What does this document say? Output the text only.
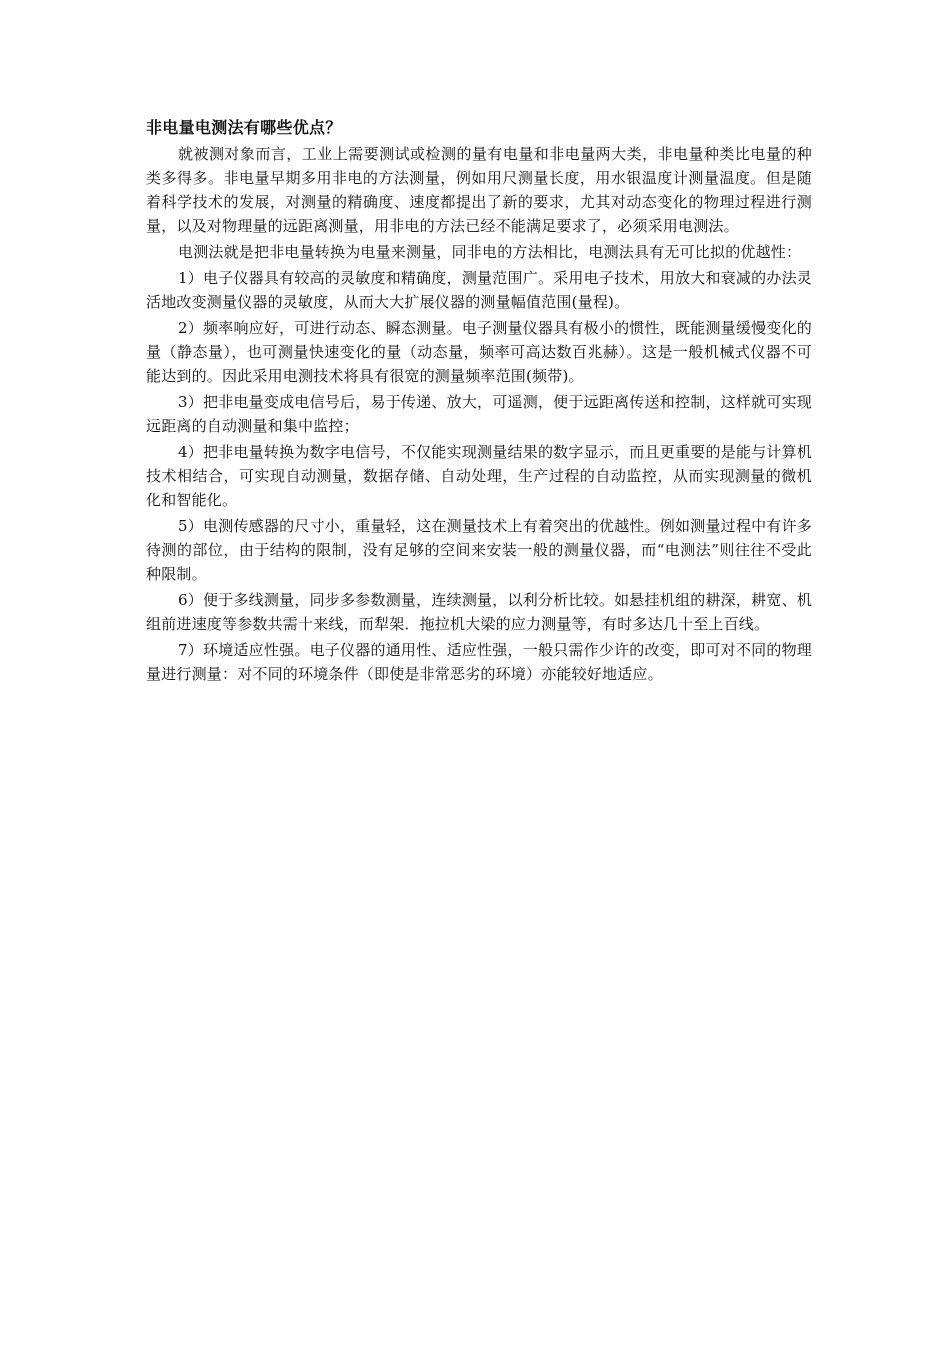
非电量电测法有哪些优点？

就被测对象而言，工业上需要测试或检测的量有电量和非电量两大类，非电量种类比电量的种类多得多。非电量早期多用非电的方法测量，例如用尺测量长度，用水银温度计测量温度。但是随着科学技术的发展，对测量的精确度、速度都提出了新的要求，尤其对动态变化的物理过程进行测量，以及对物理量的远距离测量，用非电的方法已经不能满足要求了，必须采用电测法。

电测法就是把非电量转换为电量来测量，同非电的方法相比，电测法具有无可比拟的优越性：

1）电子仪器具有较高的灵敏度和精确度，测量范围广。采用电子技术，用放大和衰减的办法灵活地改变测量仪器的灵敏度，从而大大扩展仪器的测量幅值范围(量程)。

2）频率响应好，可进行动态、瞬态测量。电子测量仪器具有极小的惯性，既能测量缓慢变化的量（静态量），也可测量快速变化的量（动态量，频率可高达数百兆赫）。这是一般机械式仪器不可能达到的。因此采用电测技术将具有很宽的测量频率范围(频带)。

3）把非电量变成电信号后，易于传递、放大，可遥测，便于远距离传送和控制，这样就可实现远距离的自动测量和集中监控；

4）把非电量转换为数字电信号，不仅能实现测量结果的数字显示，而且更重要的是能与计算机技术相结合，可实现自动测量，数据存储、自动处理，生产过程的自动监控，从而实现测量的微机化和智能化。

5）电测传感器的尺寸小，重量轻，这在测量技术上有着突出的优越性。例如测量过程中有许多待测的部位，由于结构的限制，没有足够的空间来安装一般的测量仪器，而“电测法”则往往不受此种限制。

6）便于多线测量，同步多参数测量，连续测量，以利分析比较。如悬挂机组的耕深，耕宽、机组前进速度等参数共需十来线，而犁架．拖拉机大梁的应力测量等，有时多达几十至上百线。

7）环境适应性强。电子仪器的通用性、适应性强，一般只需作少许的改变，即可对不同的物理量进行测量：对不同的环境条件（即使是非常恶劣的环境）亦能较好地适应。
